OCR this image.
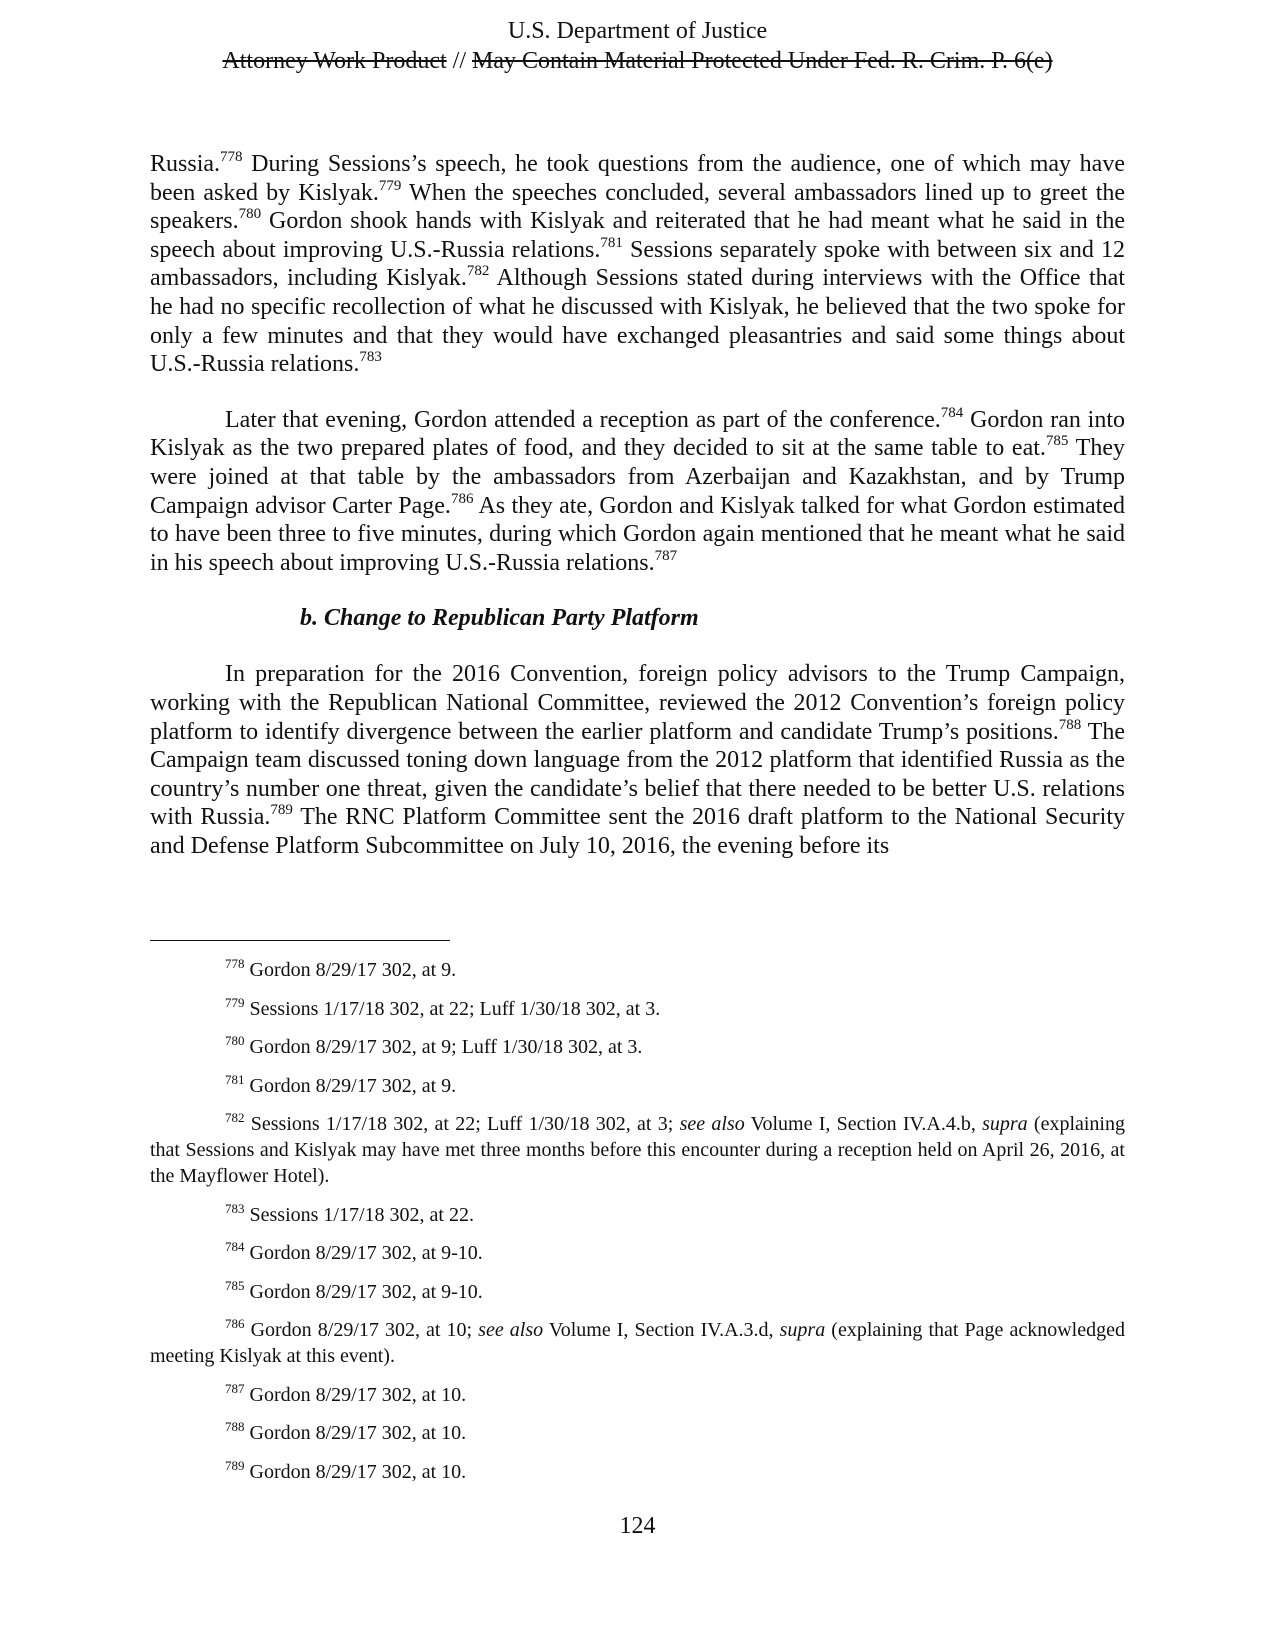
U.S. Department of Justice
Attorney Work Product // May Contain Material Protected Under Fed. R. Crim. P. 6(e)

Russia.$^{778}$ During Sessions’s speech, he took questions from the audience, one of which may have been asked by Kislyak.$^{779}$ When the speeches concluded, several ambassadors lined up to greet the speakers.$^{780}$ Gordon shook hands with Kislyak and reiterated that he had meant what he said in the speech about improving U.S.-Russia relations.$^{781}$ Sessions separately spoke with between six and 12 ambassadors, including Kislyak.$^{782}$ Although Sessions stated during interviews with the Office that he had no specific recollection of what he discussed with Kislyak, he believed that the two spoke for only a few minutes and that they would have exchanged pleasantries and said some things about U.S.-Russia relations.$^{783}$

Later that evening, Gordon attended a reception as part of the conference.$^{784}$ Gordon ran into Kislyak as the two prepared plates of food, and they decided to sit at the same table to eat.$^{785}$ They were joined at that table by the ambassadors from Azerbaijan and Kazakhstan, and by Trump Campaign advisor Carter Page.$^{786}$ As they ate, Gordon and Kislyak talked for what Gordon estimated to have been three to five minutes, during which Gordon again mentioned that he meant what he said in his speech about improving U.S.-Russia relations.$^{787}$

b. Change to Republican Party Platform

In preparation for the 2016 Convention, foreign policy advisors to the Trump Campaign, working with the Republican National Committee, reviewed the 2012 Convention’s foreign policy platform to identify divergence between the earlier platform and candidate Trump’s positions.$^{788}$ The Campaign team discussed toning down language from the 2012 platform that identified Russia as the country’s number one threat, given the candidate’s belief that there needed to be better U.S. relations with Russia.$^{789}$ The RNC Platform Committee sent the 2016 draft platform to the National Security and Defense Platform Subcommittee on July 10, 2016, the evening before its

$^{778}$ Gordon 8/29/17 302, at 9.

$^{779}$ Sessions 1/17/18 302, at 22; Luff 1/30/18 302, at 3.

$^{780}$ Gordon 8/29/17 302, at 9; Luff 1/30/18 302, at 3.

$^{781}$ Gordon 8/29/17 302, at 9.

$^{782}$ Sessions 1/17/18 302, at 22; Luff 1/30/18 302, at 3; see also Volume I, Section IV.A.4.b, supra (explaining that Sessions and Kislyak may have met three months before this encounter during a reception held on April 26, 2016, at the Mayflower Hotel).

$^{783}$ Sessions 1/17/18 302, at 22.

$^{784}$ Gordon 8/29/17 302, at 9-10.

$^{785}$ Gordon 8/29/17 302, at 9-10.

$^{786}$ Gordon 8/29/17 302, at 10; see also Volume I, Section IV.A.3.d, supra (explaining that Page acknowledged meeting Kislyak at this event).

$^{787}$ Gordon 8/29/17 302, at 10.

$^{788}$ Gordon 8/29/17 302, at 10.

$^{789}$ Gordon 8/29/17 302, at 10.

124
